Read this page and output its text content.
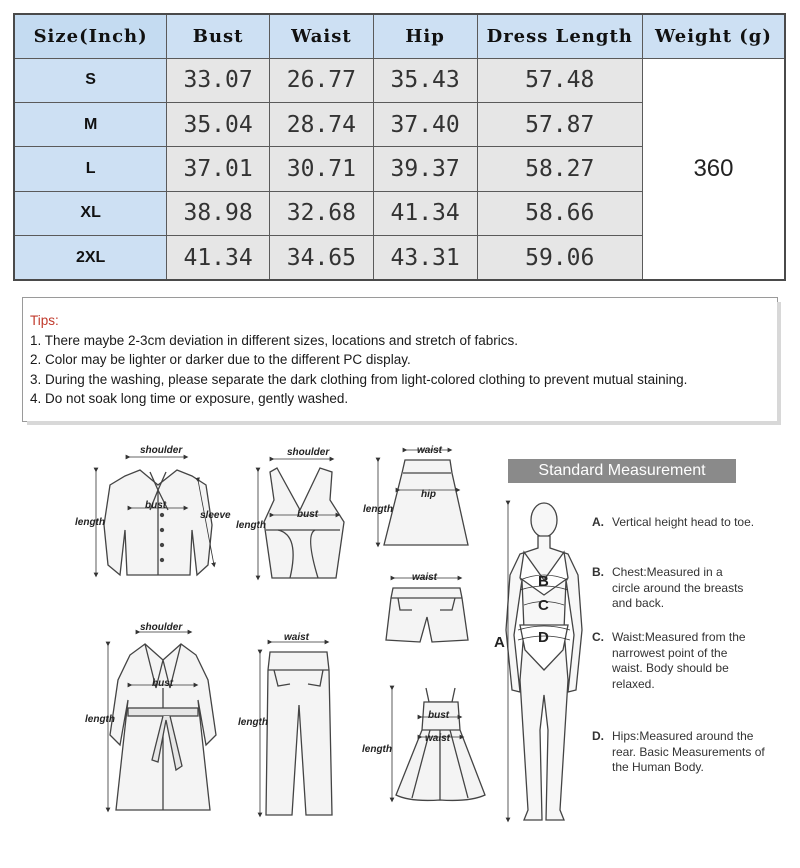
Size(Inch)	Bust	Waist	Hip	Dress Length	Weight (g)
S	33.07	26.77	35.43	57.48	360
M	35.04	28.74	37.40	57.87	
L	37.01	30.71	39.37	58.27	
XL	38.98	32.68	41.34	58.66	
2XL	41.34	34.65	43.31	59.06	
Tips:
1. There maybe 2-3cm deviation in different sizes, locations and stretch of fabrics.
2. Color may be lighter or darker due to the different PC display.
3. During the washing, please separate the dark clothing from light-colored clothing to prevent mutual staining.
4. Do not soak long time or exposure, gently washed.
shoulder
bust
sleeve
length
shoulder
bust
length
waist
hip
length
waist
shoulder
bust
length
waist
length
bust
waist
length
B
C
D
A
Standard Measurement
A. Vertical height head to toe.
B. Chest:Measured in a circle around the breasts and back.
C. Waist:Measured from the narrowest point of the waist. Body should be relaxed.
D. Hips:Measured around the rear. Basic Measurements of the Human Body.
